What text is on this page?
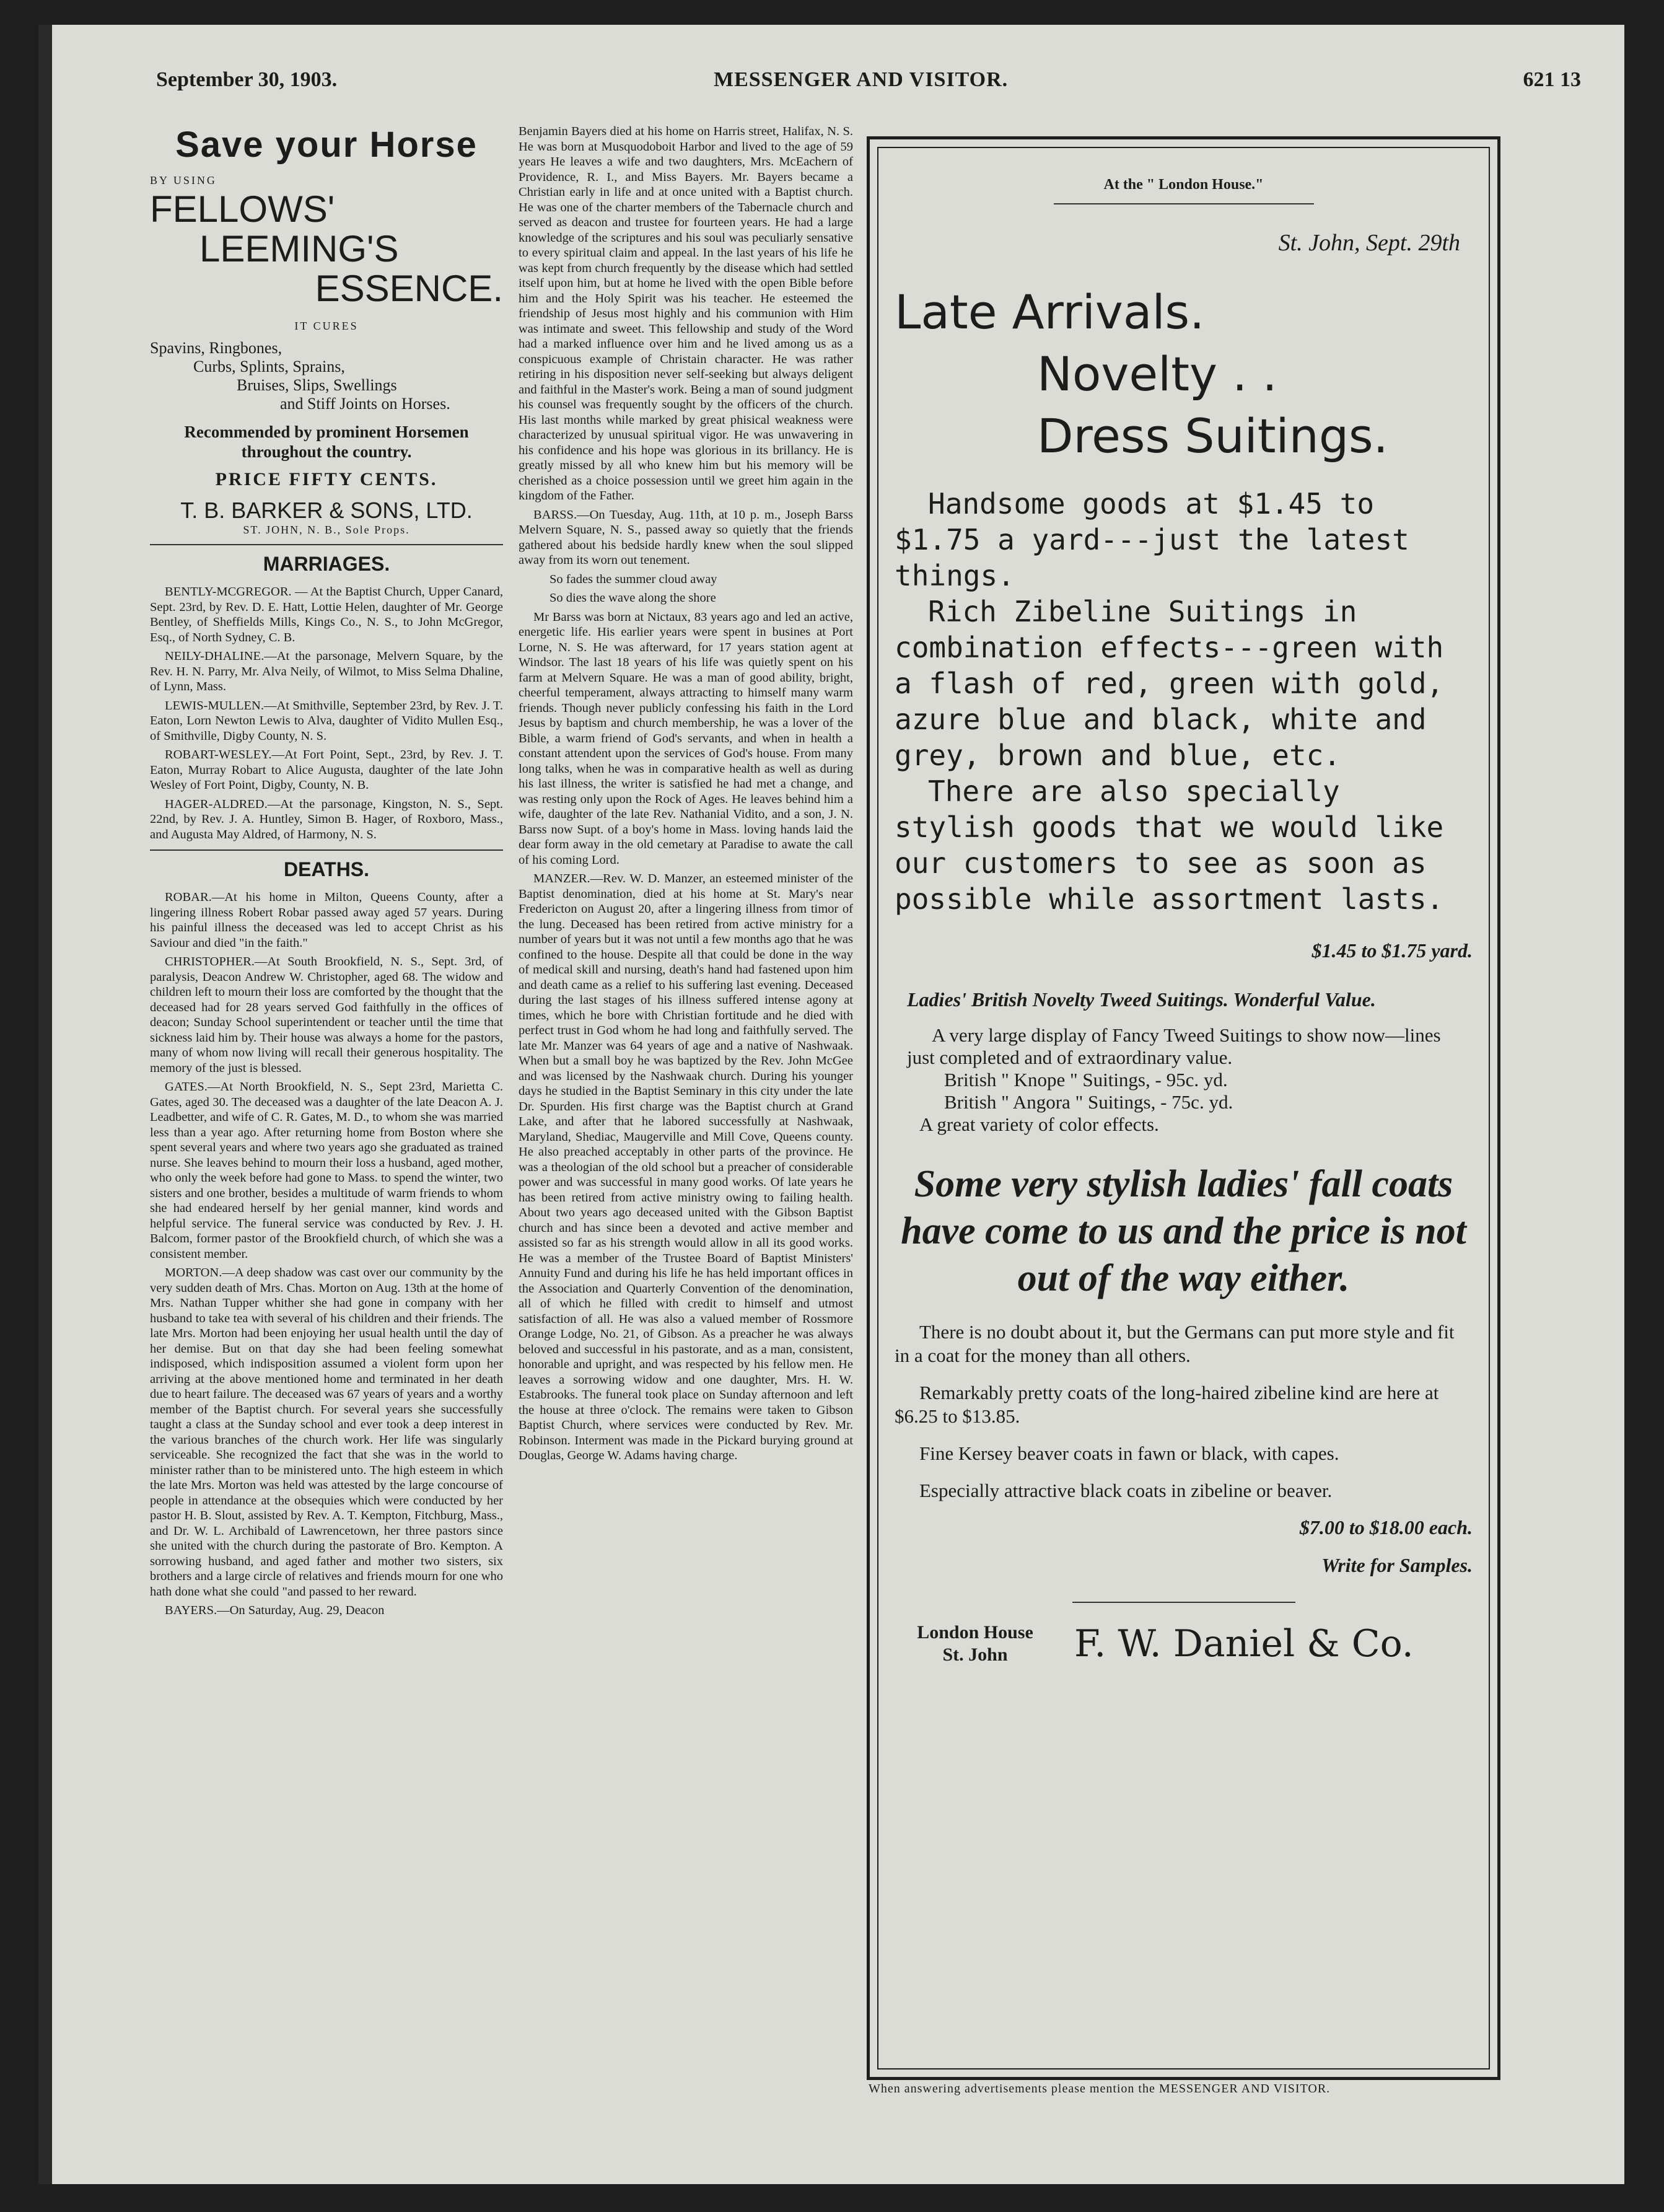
September 30, 1903.	MESSENGER AND VISITOR.	621 13
Save your Horse
BY USING
FELLOWS'
LEEMING'S
ESSENCE.
IT CURES
Spavins, Ringbones,
Curbs, Splints, Sprains,
Bruises, Slips, Swellings
and Stiff Joints on Horses.
Recommended by prominent Horsemen throughout the country.
PRICE FIFTY CENTS.
T. B. BARKER & SONS, LTD.
ST. JOHN, N. B., Sole Props.
MARRIAGES.

BENTLY-MCGREGOR. — At the Baptist Church, Upper Canard, Sept. 23rd, by Rev. D. E. Hatt, Lottie Helen, daughter of Mr. George Bentley, of Sheffields Mills, Kings Co., N. S., to John McGregor, Esq., of North Sydney, C. B.

NEILY-DHALINE.—At the parsonage, Melvern Square, by the Rev. H. N. Parry, Mr. Alva Neily, of Wilmot, to Miss Selma Dhaline, of Lynn, Mass.

LEWIS-MULLEN.—At Smithville, September 23rd, by Rev. J. T. Eaton, Lorn Newton Lewis to Alva, daughter of Vidito Mullen Esq., of Smithville, Digby County, N. S.

ROBART-WESLEY.—At Fort Point, Sept., 23rd, by Rev. J. T. Eaton, Murray Robart to Alice Augusta, daughter of the late John Wesley of Fort Point, Digby, County, N. B.

HAGER-ALDRED.—At the parsonage, Kingston, N. S., Sept. 22nd, by Rev. J. A. Huntley, Simon B. Hager, of Roxboro, Mass., and Augusta May Aldred, of Harmony, N. S.

DEATHS.

ROBAR.—At his home in Milton, Queens County, after a lingering illness Robert Robar passed away aged 57 years. During his painful illness the deceased was led to accept Christ as his Saviour and died "in the faith."

CHRISTOPHER.—At South Brookfield, N. S., Sept. 3rd, of paralysis, Deacon Andrew W. Christopher, aged 68. The widow and children left to mourn their loss are comforted by the thought that the deceased had for 28 years served God faithfully in the offices of deacon; Sunday School superintendent or teacher until the time that sickness laid him by. Their house was always a home for the pastors, many of whom now living will recall their generous hospitality. The memory of the just is blessed.

GATES.—At North Brookfield, N. S., Sept 23rd, Marietta C. Gates, aged 30. The deceased was a daughter of the late Deacon A. J. Leadbetter, and wife of C. R. Gates, M. D., to whom she was married less than a year ago. After returning home from Boston where she spent several years and where two years ago she graduated as trained nurse. She leaves behind to mourn their loss a husband, aged mother, who only the week before had gone to Mass. to spend the winter, two sisters and one brother, besides a multitude of warm friends to whom she had endeared herself by her genial manner, kind words and helpful service. The funeral service was conducted by Rev. J. H. Balcom, former pastor of the Brookfield church, of which she was a consistent member.

MORTON.—A deep shadow was cast over our community by the very sudden death of Mrs. Chas. Morton on Aug. 13th at the home of Mrs. Nathan Tupper whither she had gone in company with her husband to take tea with several of his children and their friends. The late Mrs. Morton had been enjoying her usual health until the day of her demise. But on that day she had been feeling somewhat indisposed, which indisposition assumed a violent form upon her arriving at the above mentioned home and terminated in her death due to heart failure. The deceased was 67 years of years and a worthy member of the Baptist church. For several years she successfully taught a class at the Sunday school and ever took a deep interest in the various branches of the church work. Her life was singularly serviceable. She recognized the fact that she was in the world to minister rather than to be ministered unto. The high esteem in which the late Mrs. Morton was held was attested by the large concourse of people in attendance at the obsequies which were conducted by her pastor H. B. Slout, assisted by Rev. A. T. Kempton, Fitchburg, Mass., and Dr. W. L. Archibald of Lawrencetown, her three pastors since she united with the church during the pastorate of Bro. Kempton. A sorrowing husband, and aged father and mother two sisters, six brothers and a large circle of relatives and friends mourn for one who hath done what she could "and passed to her reward.

BAYERS.—On Saturday, Aug. 29, Deacon

Benjamin Bayers died at his home on Harris street, Halifax, N. S. He was born at Musquodoboit Harbor and lived to the age of 59 years He leaves a wife and two daughters, Mrs. McEachern of Providence, R. I., and Miss Bayers. Mr. Bayers became a Christian early in life and at once united with a Baptist church. He was one of the charter members of the Tabernacle church and served as deacon and trustee for fourteen years. He had a large knowledge of the scriptures and his soul was peculiarly sensative to every spiritual claim and appeal. In the last years of his life he was kept from church frequently by the disease which had settled itself upon him, but at home he lived with the open Bible before him and the Holy Spirit was his teacher. He esteemed the friendship of Jesus most highly and his communion with Him was intimate and sweet. This fellowship and study of the Word had a marked influence over him and he lived among us as a conspicuous example of Christain character. He was rather retiring in his disposition never self-seeking but always deligent and faithful in the Master's work. Being a man of sound judgment his counsel was frequently sought by the officers of the church. His last months while marked by great phisical weakness were characterized by unusual spiritual vigor. He was unwavering in his confidence and his hope was glorious in its brillancy. He is greatly missed by all who knew him but his memory will be cherished as a choice possession until we greet him again in the kingdom of the Father.

BARSS.—On Tuesday, Aug. 11th, at 10 p. m., Joseph Barss Melvern Square, N. S., passed away so quietly that the friends gathered about his bedside hardly knew when the soul slipped away from its worn out tenement.

So fades the summer cloud away
So dies the wave along the shore

Mr Barss was born at Nictaux, 83 years ago and led an active, energetic life. His earlier years were spent in busines at Port Lorne, N. S. He was afterward, for 17 years station agent at Windsor. The last 18 years of his life was quietly spent on his farm at Melvern Square. He was a man of good ability, bright, cheerful temperament, always attracting to himself many warm friends. Though never publicly confessing his faith in the Lord Jesus by baptism and church membership, he was a lover of the Bible, a warm friend of God's servants, and when in health a constant attendent upon the services of God's house. From many long talks, when he was in comparative health as well as during his last illness, the writer is satisfied he had met a change, and was resting only upon the Rock of Ages. He leaves behind him a wife, daughter of the late Rev. Nathanial Vidito, and a son, J. N. Barss now Supt. of a boy's home in Mass. loving hands laid the dear form away in the old cemetary at Paradise to awate the call of his coming Lord.

MANZER.—Rev. W. D. Manzer, an esteemed minister of the Baptist denomination, died at his home at St. Mary's near Fredericton on August 20, after a lingering illness from timor of the lung. Deceased has been retired from active ministry for a number of years but it was not until a few months ago that he was confined to the house. Despite all that could be done in the way of medical skill and nursing, death's hand had fastened upon him and death came as a relief to his suffering last evening. Deceased during the last stages of his illness suffered intense agony at times, which he bore with Christian fortitude and he died with perfect trust in God whom he had long and faithfully served. The late Mr. Manzer was 64 years of age and a native of Nashwaak. When but a small boy he was baptized by the Rev. John McGee and was licensed by the Nashwaak church. During his younger days he studied in the Baptist Seminary in this city under the late Dr. Spurden. His first charge was the Baptist church at Grand Lake, and after that he labored successfully at Nashwaak, Maryland, Shediac, Maugerville and Mill Cove, Queens county. He also preached acceptably in other parts of the province. He was a theologian of the old school but a preacher of considerable power and was successful in many good works. Of late years he has been retired from active ministry owing to failing health. About two years ago deceased united with the Gibson Baptist church and has since been a devoted and active member and assisted so far as his strength would allow in all its good works. He was a member of the Trustee Board of Baptist Ministers' Annuity Fund and during his life he has held important offices in the Association and Quarterly Convention of the denomination, all of which he filled with credit to himself and utmost satisfaction of all. He was also a valued member of Rossmore Orange Lodge, No. 21, of Gibson. As a preacher he was always beloved and successful in his pastorate, and as a man, consistent, honorable and upright, and was respected by his fellow men. He leaves a sorrowing widow and one daughter, Mrs. H. W. Estabrooks. The funeral took place on Sunday afternoon and left the house at three o'clock. The remains were taken to Gibson Baptist Church, where services were conducted by Rev. Mr. Robinson. Interment was made in the Pickard burying ground at Douglas, George W. Adams having charge.

At the " London House."
St. John, Sept. 29th
Late Arrivals.
Novelty . .
Dress Suitings.

Handsome goods at $1.45 to $1.75 a yard---just the latest things.

Rich Zibeline Suitings in combination effects---green with a flash of red, green with gold, azure blue and black, white and grey, brown and blue, etc.

There are also specially stylish goods that we would like our customers to see as soon as possible while assortment lasts.

$1.45 to $1.75 yard.
Ladies' British Novelty Tweed Suitings. Wonderful Value.
A very large display of Fancy Tweed Suitings to show now—lines just completed and of extraordinary value.
British " Knope " Suitings, - 95c. yd.
British " Angora " Suitings, - 75c. yd.
A great variety of color effects.
Some very stylish ladies' fall coats have come to us and the price is not out of the way either.

There is no doubt about it, but the Germans can put more style and fit in a coat for the money than all others.

Remarkably pretty coats of the long-haired zibeline kind are here at $6.25 to $13.85.

Fine Kersey beaver coats in fawn or black, with capes.

Especially attractive black coats in zibeline or beaver.

$7.00 to $18.00 each.
Write for Samples.
London House
St. John	F. W. Daniel & Co.
When answering advertisements please mention the MESSENGER AND VISITOR.
